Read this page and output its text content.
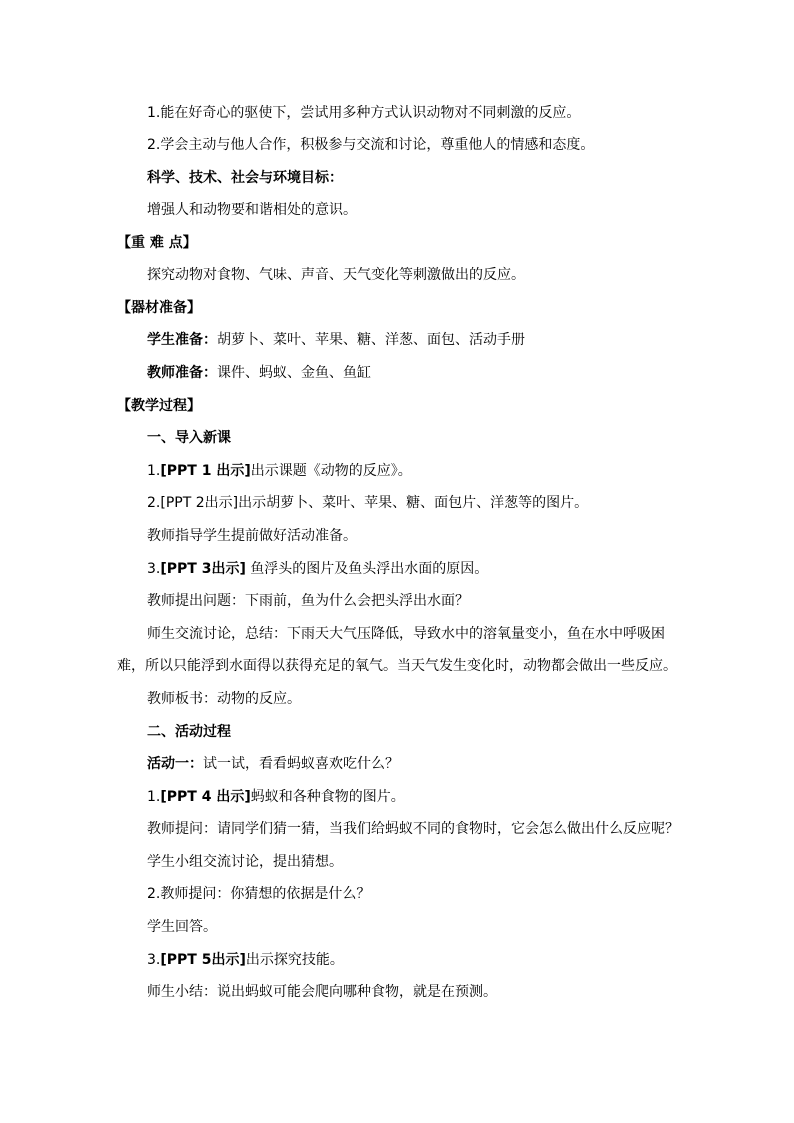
1.能在好奇心的驱使下，尝试用多种方式认识动物对不同刺激的反应。
2.学会主动与他人合作，积极参与交流和讨论，尊重他人的情感和态度。
科学、技术、社会与环境目标：
增强人和动物要和谐相处的意识。
【重 难 点】
探究动物对食物、气味、声音、天气变化等刺激做出的反应。
【器材准备】
学生准备：胡萝卜、菜叶、苹果、糖、洋葱、面包、活动手册
教师准备：课件、蚂蚁、金鱼、鱼缸
【教学过程】
一、导入新课
1.[PPT 1 出示]出示课题《动物的反应》。
2.[PPT 2出示]出示胡萝卜、菜叶、苹果、糖、面包片、洋葱等的图片。
教师指导学生提前做好活动准备。
3.[PPT 3出示] 鱼浮头的图片及鱼头浮出水面的原因。
教师提出问题：下雨前，鱼为什么会把头浮出水面？
师生交流讨论，总结：下雨天大气压降低，导致水中的溶氧量变小，鱼在水中呼吸困难，所以只能浮到水面得以获得充足的氧气。当天气发生变化时，动物都会做出一些反应。
教师板书：动物的反应。
二、活动过程
活动一：试一试，看看蚂蚁喜欢吃什么？
1.[PPT 4 出示]蚂蚁和各种食物的图片。
教师提问：请同学们猜一猜，当我们给蚂蚁不同的食物时，它会怎么做出什么反应呢？
学生小组交流讨论，提出猜想。
2.教师提问：你猜想的依据是什么？
学生回答。
3.[PPT 5出示]出示探究技能。
师生小结：说出蚂蚁可能会爬向哪种食物，就是在预测。
